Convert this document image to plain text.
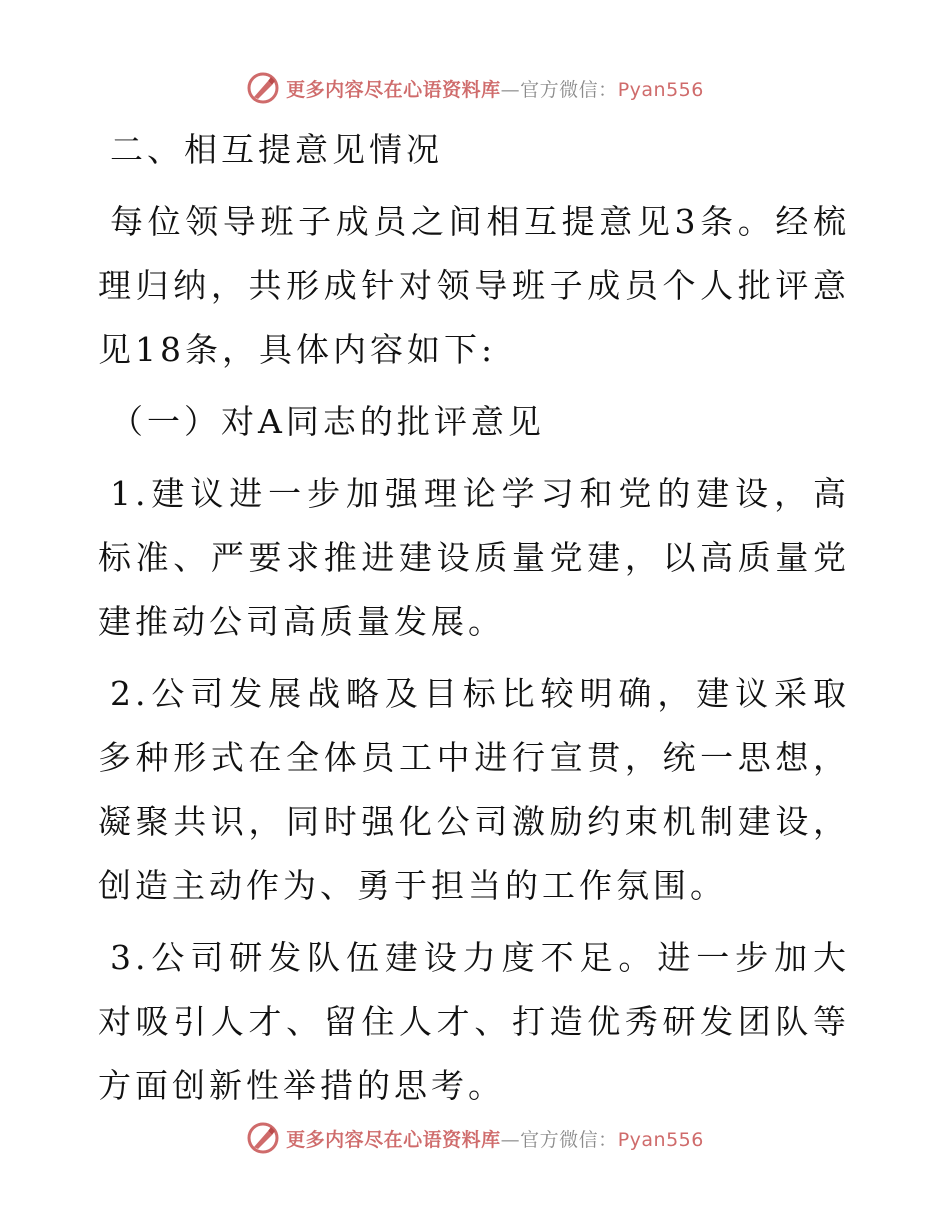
更多内容尽在心语资料库—官方微信：Pyan556

二、相互提意见情况

每位领导班子成员之间相互提意见3条。经梳理归纳，共形成针对领导班子成员个人批评意见18条，具体内容如下:

（一）对A同志的批评意见

1.建议进一步加强理论学习和党的建设，高标准、严要求推进建设质量党建，以高质量党建推动公司高质量发展。

2.公司发展战略及目标比较明确，建议采取多种形式在全体员工中进行宣贯，统一思想，凝聚共识，同时强化公司激励约束机制建设，创造主动作为、勇于担当的工作氛围。

3.公司研发队伍建设力度不足。进一步加大对吸引人才、留住人才、打造优秀研发团队等方面创新性举措的思考。

更多内容尽在心语资料库—官方微信：Pyan556
